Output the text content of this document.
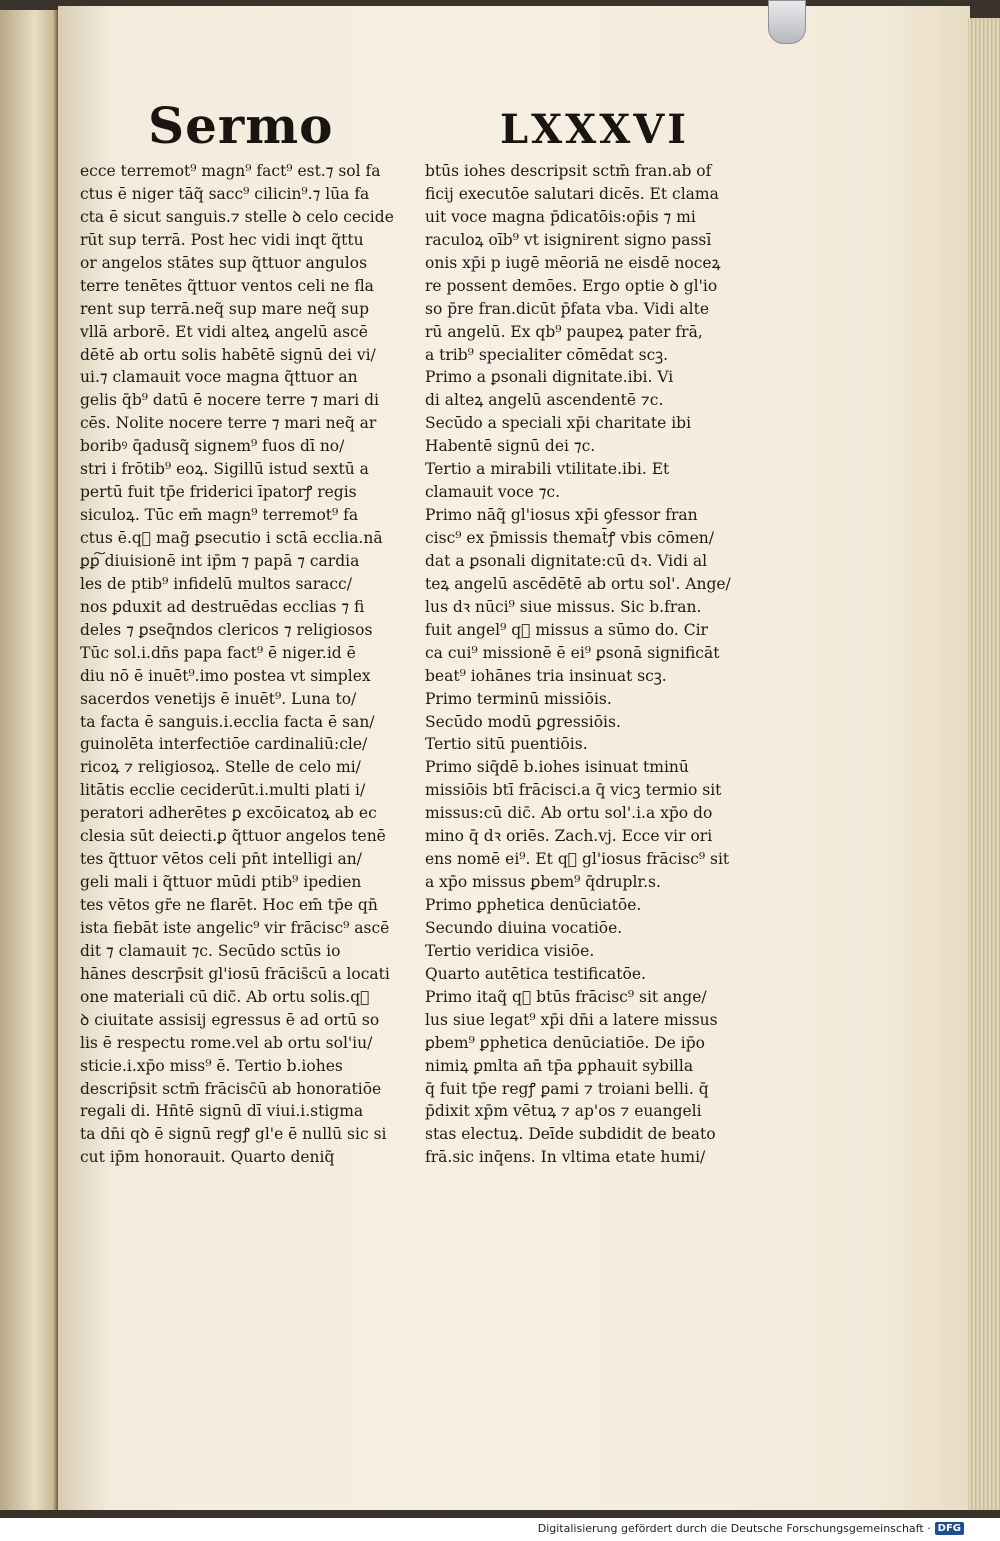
Sermo	LXXXVI
ecce terremot⁹ magn⁹ fact⁹ est.⁊ sol fa
ctus ē niger tāq̃ sacc⁹ cilicin⁹.⁊ lūa fa
cta ē sicut sanguis.⁊ stelle ꝺ celo cecide
rūt sup terrā. Post hec vidi inqt q̃ttu
or angelos stātes sup q̃ttuor angulos
terre tenētes q̃ttuor ventos celi ne fla
rent sup terrā.neq̃ sup mare neq̃ sup
vllā arborē. Et vidi alteꝝ angelū ascē
dētē ab ortu solis habētē signū dei vi/
ui.⁊ clamauit voce magna q̃ttuor an
gelis q̄b⁹ datū ē nocere terre ⁊ mari di
cēs. Nolite nocere terre ⁊ mari neq̃ ar
boribꝰ q̄adusq̃ signem⁹ fuos dī no/
stri i frōtib⁹ eoꝝ. Sigillū istud sextū a
pertū fuit tp̄e friderici īpatorꝭ regis
siculoꝝ. Tūc em̄ magn⁹ terremot⁹ fa
ctus ē.q᷑ mag̃ ꝑsecutio i sctā ecclia.nā
ꝑꝑ͠ diuisionē int ip̄m ⁊ papā ⁊ cardia
les de ptib⁹ infidelū multos saracc/
nos ꝑduxit ad destruēdas ecclias ⁊ fi
deles ⁊ ꝑseq̄ndos clericos ⁊ religiosos
Tūc sol.i.dn̄s papa fact⁹ ē niger.id ē
diu nō ē inuēt⁹.imo postea vt simplex
sacerdos venetijs ē inuēt⁹. Luna to/
ta facta ē sanguis.i.ecclia facta ē san/
guinolēta interfectiōe cardinaliū:cle/
ricoꝝ ⁊ religiosoꝝ. Stelle de celo mi/
litātis ecclie ceciderūt.i.multi plati i/
peratori adherētes ꝑ excōicatoꝝ ab ec
clesia sūt deiecti.ꝑ q̃ttuor angelos tenē
tes q̃ttuor vētos celi pn̄t intelligi an/
geli mali i q̃ttuor mūdi ptib⁹ ipedien
tes vētos gr̄e ne flarēt. Hoc em̄ tp̄e qn̄
ista fiebāt iste angelic⁹ vir frācisc⁹ ascē
dit ⁊ clamauit ⁊c. Secūdo sctūs io
hānes descrp̄sit gl'iosū frācis̄cū a locati
one materiali cū dic̄. Ab ortu solis.q᷑
ꝺ ciuitate assisij egressus ē ad ortū so
lis ē respectu rome.vel ab ortu sol'iu/
sticie.i.xp̄o miss⁹ ē. Tertio b.iohes
descrip̄sit sctm̄ frācisc̄ū ab honoratiōe
regali di. Hn̄tē signū dī viui.i.stigma
ta dn̄i qꝺ ē signū regꝭ gl'e ē nullū sic si
cut ip̄m honorauit. Quarto deniq̃
btūs iohes descripsit sctm̄ fran.ab of
ficij executōe salutari dicēs. Et clama
uit voce magna p̄dicatōis:op̄is ⁊ mi
raculoꝝ oīb⁹ vt isignirent signo passī
onis xp̄i p iugē mēoriā ne eisdē noceꝝ
re possent demōes. Ergo optie ꝺ gl'io
so p̄re fran.dicūt p̄fata vba. Vidi alte
rū angelū. Ex qb⁹ paupeꝝ pater frā,
a trib⁹ specialiter cōmēdat scꝫ.
Primo a ꝑsonali dignitate.ibi. Vi
di alteꝝ angelū ascendentē ⁊c.
Secūdo a speciali xp̄i charitate ibi
Habentē signū dei ⁊c.
Tertio a mirabili vtilitate.ibi. Et
clamauit voce ⁊c.
Primo nāq̃ gl'iosus xp̄i ꝯfessor fran
cisc⁹ ex p̄missis themat̄ꝭ vbis cōmen/
dat a ꝑsonali dignitate:cū dꝛ. Vidi al
teꝝ angelū ascēdētē ab ortu sol'. Ange/
lus dꝛ nūci⁹ siue missus. Sic b.fran.
fuit angel⁹ q᷑ missus a sūmo do. Cir
ca cui⁹ missionē ē ei⁹ ꝑsonā significāt
beat⁹ iohānes tria insinuat scꝫ.
Primo terminū missiōis.
Secūdo modū ꝑgressiōis.
Tertio sitū puentiōis.
Primo siq̄dē b.iohes isinuat tminū
missiōis btī frācisci.a q̄ vicꝫ termio sit
missus:cū dic̄. Ab ortu sol'.i.a xp̄o do
mino q̄ dꝛ oriēs. Zach.vj. Ecce vir ori
ens nomē ei⁹. Et q᷑ gl'iosus frācisc⁹ sit
a xp̄o missus ꝑbem⁹ q̄druplr.s.
Primo ꝑphetica denūciatōe.
Secundo diuina vocatiōe.
Tertio veridica visiōe.
Quarto autētica testificatōe.
Primo itaq̃ q᷑ btūs frācisc⁹ sit ange/
lus siue legat⁹ xp̄i dn̄i a latere missus
ꝑbem⁹ ꝑphetica denūciatiōe. De ip̄o
nimiꝝ ꝑmlta an̄ tp̄a ꝑphauit sybilla
q̄ fuit tp̄e regꝭ ꝑami ⁊ troiani belli. q̄
p̄dixit xp̄m vētuꝝ ⁊ ap'os ⁊ euangeli
stas electuꝝ. Deīde subdidit de beato
frā.sic inq̄ens. In vltima etate humi/
Digitalisierung gefördert durch die Deutsche Forschungsgemeinschaft · DFG
